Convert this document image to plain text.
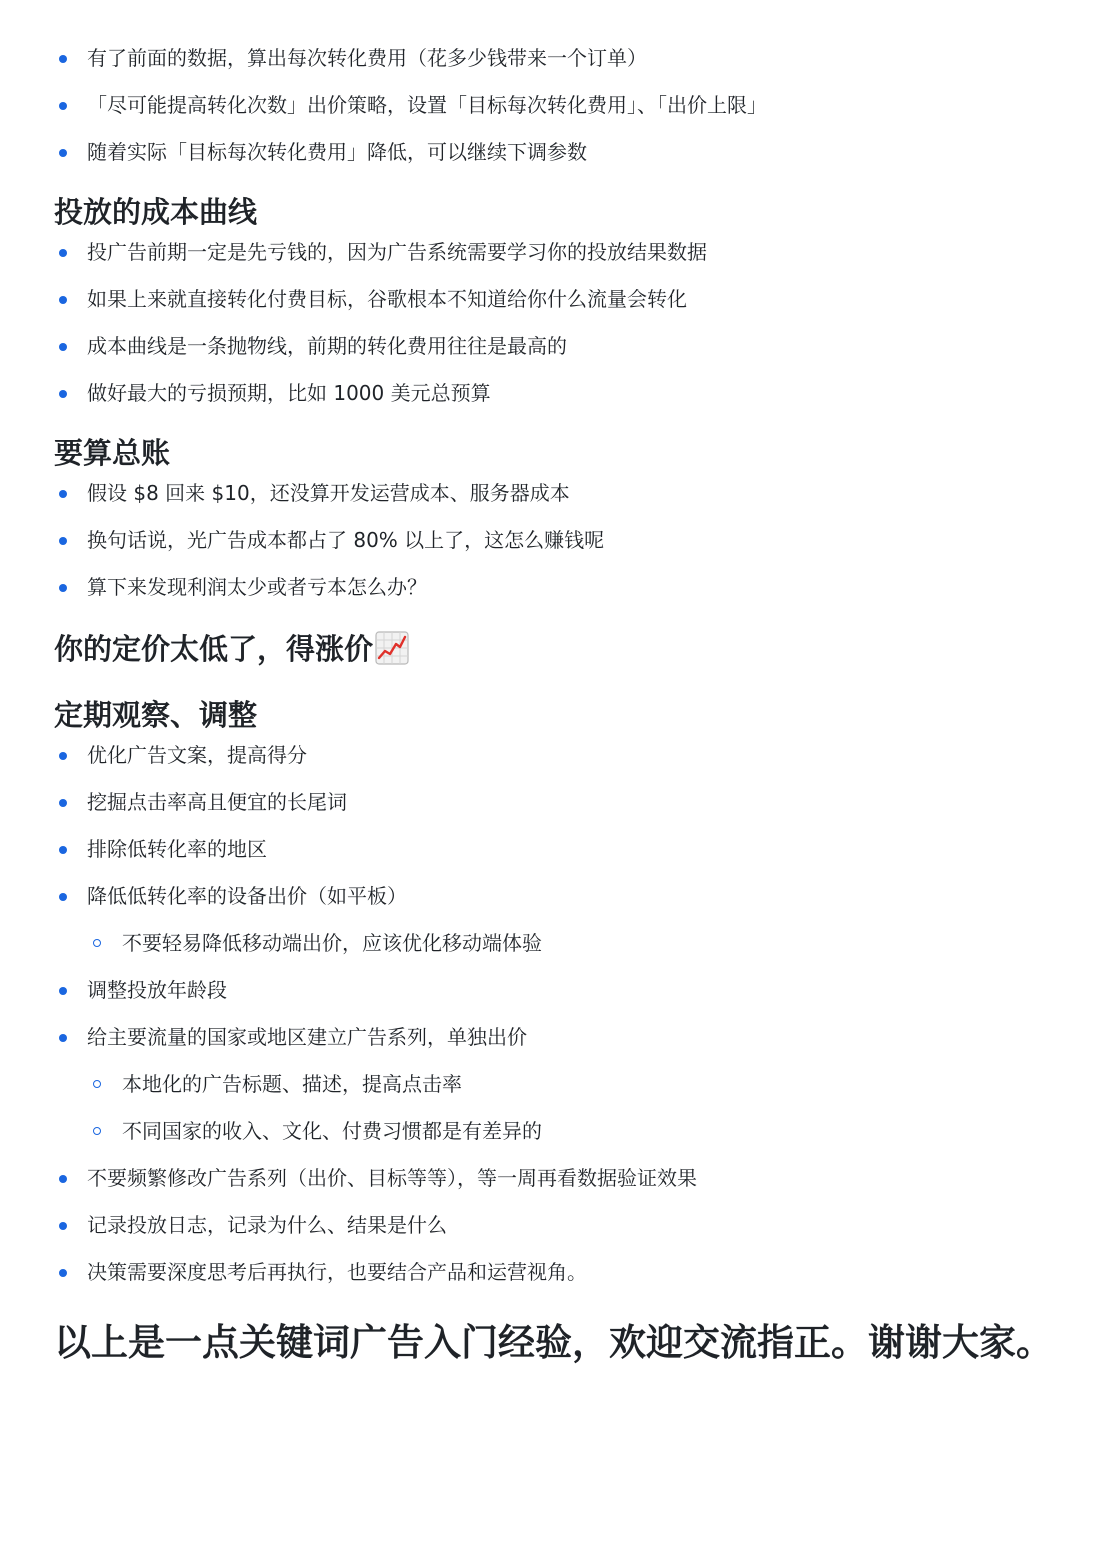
有了前面的数据，算出每次转化费用（花多少钱带来一个订单）
「尽可能提高转化次数」出价策略，设置「目标每次转化费用」、「出价上限」
随着实际「目标每次转化费用」降低，可以继续下调参数
投放的成本曲线
投广告前期一定是先亏钱的，因为广告系统需要学习你的投放结果数据
如果上来就直接转化付费目标，谷歌根本不知道给你什么流量会转化
成本曲线是一条抛物线，前期的转化费用往往是最高的
做好最大的亏损预期，比如 1000 美元总预算
要算总账
假设 $8 回来 $10，还没算开发运营成本、服务器成本
换句话说，光广告成本都占了 80% 以上了，这怎么赚钱呢
算下来发现利润太少或者亏本怎么办？
你的定价太低了，得涨价
定期观察、调整
优化广告文案，提高得分
挖掘点击率高且便宜的长尾词
排除低转化率的地区
降低低转化率的设备出价（如平板）
不要轻易降低移动端出价，应该优化移动端体验
调整投放年龄段
给主要流量的国家或地区建立广告系列，单独出价
本地化的广告标题、描述，提高点击率
不同国家的收入、文化、付费习惯都是有差异的
不要频繁修改广告系列（出价、目标等等），等一周再看数据验证效果
记录投放日志，记录为什么、结果是什么
决策需要深度思考后再执行，也要结合产品和运营视角。
以上是一点关键词广告入门经验，欢迎交流指正。谢谢大家。
